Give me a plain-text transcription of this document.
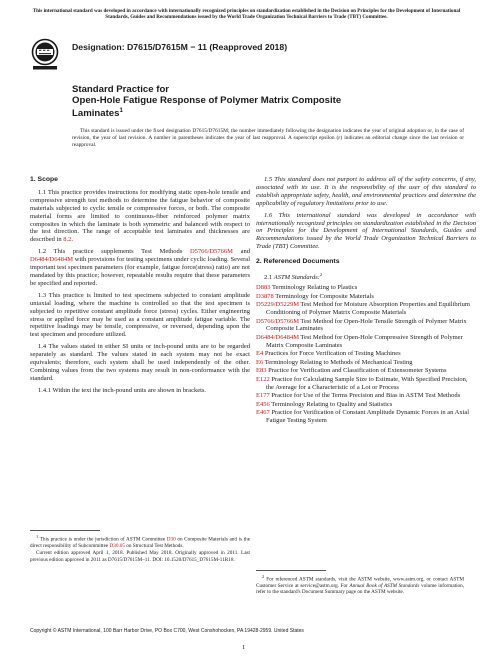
This international standard was developed in accordance with internationally recognized principles on standardization established in the Decision on Principles for the Development of International Standards, Guides and Recommendations issued by the World Trade Organization Technical Barriers to Trade (TBT) Committee.
Designation: D7615/D7615M − 11 (Reapproved 2018)
Standard Practice for
Open-Hole Fatigue Response of Polymer Matrix Composite
Laminates$^1$
This standard is issued under the fixed designation D7615/D7615M; the number immediately following the designation indicates the year of original adoption or, in the case of revision, the year of last revision. A number in parentheses indicates the year of last reapproval. A superscript epsilon (ε) indicates an editorial change since the last revision or reapproval.
1. Scope

1.1 This practice provides instructions for modifying static open-hole tensile and compressive strength test methods to determine the fatigue behavior of composite materials subjected to cyclic tensile or compressive forces, or both. The composite material forms are limited to continuous-fiber reinforced polymer matrix composites in which the laminate is both symmetric and balanced with respect to the test direction. The range of acceptable test laminates and thicknesses are described in 8.2.

1.2 This practice supplements Test Methods D5766/D5766M and D6484/D6484M with provisions for testing specimens under cyclic loading. Several important test specimen parameters (for example, fatigue force(stress) ratio) are not mandated by this practice; however, repeatable results require that these parameters be specified and reported.

1.3 This practice is limited to test specimens subjected to constant amplitude uniaxial loading, where the machine is controlled so that the test specimen is subjected to repetitive constant amplitude force (stress) cycles. Either engineering stress or applied force may be used as a constant amplitude fatigue variable. The repetitive loadings may be tensile, compressive, or reversed, depending upon the test specimen and procedure utilized.

1.4 The values stated in either SI units or inch-pound units are to be regarded separately as standard. The values stated in each system may not be exact equivalents; therefore, each system shall be used independently of the other. Combining values from the two systems may result in non-conformance with the standard.

1.4.1 Within the text the inch-pound units are shown in brackets.

1.5 This standard does not purport to address all of the safety concerns, if any, associated with its use. It is the responsibility of the user of this standard to establish appropriate safety, health, and environmental practices and determine the applicability of regulatory limitations prior to use.

1.6 This international standard was developed in accordance with internationally recognized principles on standardization established in the Decision on Principles for the Development of International Standards, Guides and Recommendations issued by the World Trade Organization Technical Barriers to Trade (TBT) Committee.

2. Referenced Documents
2.1 ASTM Standards:$^2$
D883 Terminology Relating to Plastics
D3878 Terminology for Composite Materials
D5229/D5229M Test Method for Moisture Absorption Properties and Equilibrium Conditioning of Polymer Matrix Composite Materials
D5766/D5766M Test Method for Open-Hole Tensile Strength of Polymer Matrix Composite Laminates
D6484/D6484M Test Method for Open-Hole Compressive Strength of Polymer Matrix Composite Laminates
E4 Practices for Force Verification of Testing Machines
E6 Terminology Relating to Methods of Mechanical Testing
E83 Practice for Verification and Classification of Extensometer Systems
E122 Practice for Calculating Sample Size to Estimate, With Specified Precision, the Average for a Characteristic of a Lot or Process
E177 Practice for Use of the Terms Precision and Bias in ASTM Test Methods
E456 Terminology Relating to Quality and Statistics
E467 Practice for Verification of Constant Amplitude Dynamic Forces in an Axial Fatigue Testing System

$^1$ This practice is under the jurisdiction of ASTM Committee D30 on Composite Materials and is the direct responsibility of Subcommittee D30.05 on Structural Test Methods.

Current edition approved April 1, 2018. Published May 2018. Originally approved in 2011. Last previous edition approved in 2011 as D7615/D7615M–11. DOI: 10.1520/D7615_D7615M-11R18.

$^2$ For referenced ASTM standards, visit the ASTM website, www.astm.org, or contact ASTM Customer Service at service@astm.org. For Annual Book of ASTM Standards volume information, refer to the standard's Document Summary page on the ASTM website.

Copyright © ASTM International, 100 Barr Harbor Drive, PO Box C700, West Conshohocken, PA 19428-2959. United States
1
